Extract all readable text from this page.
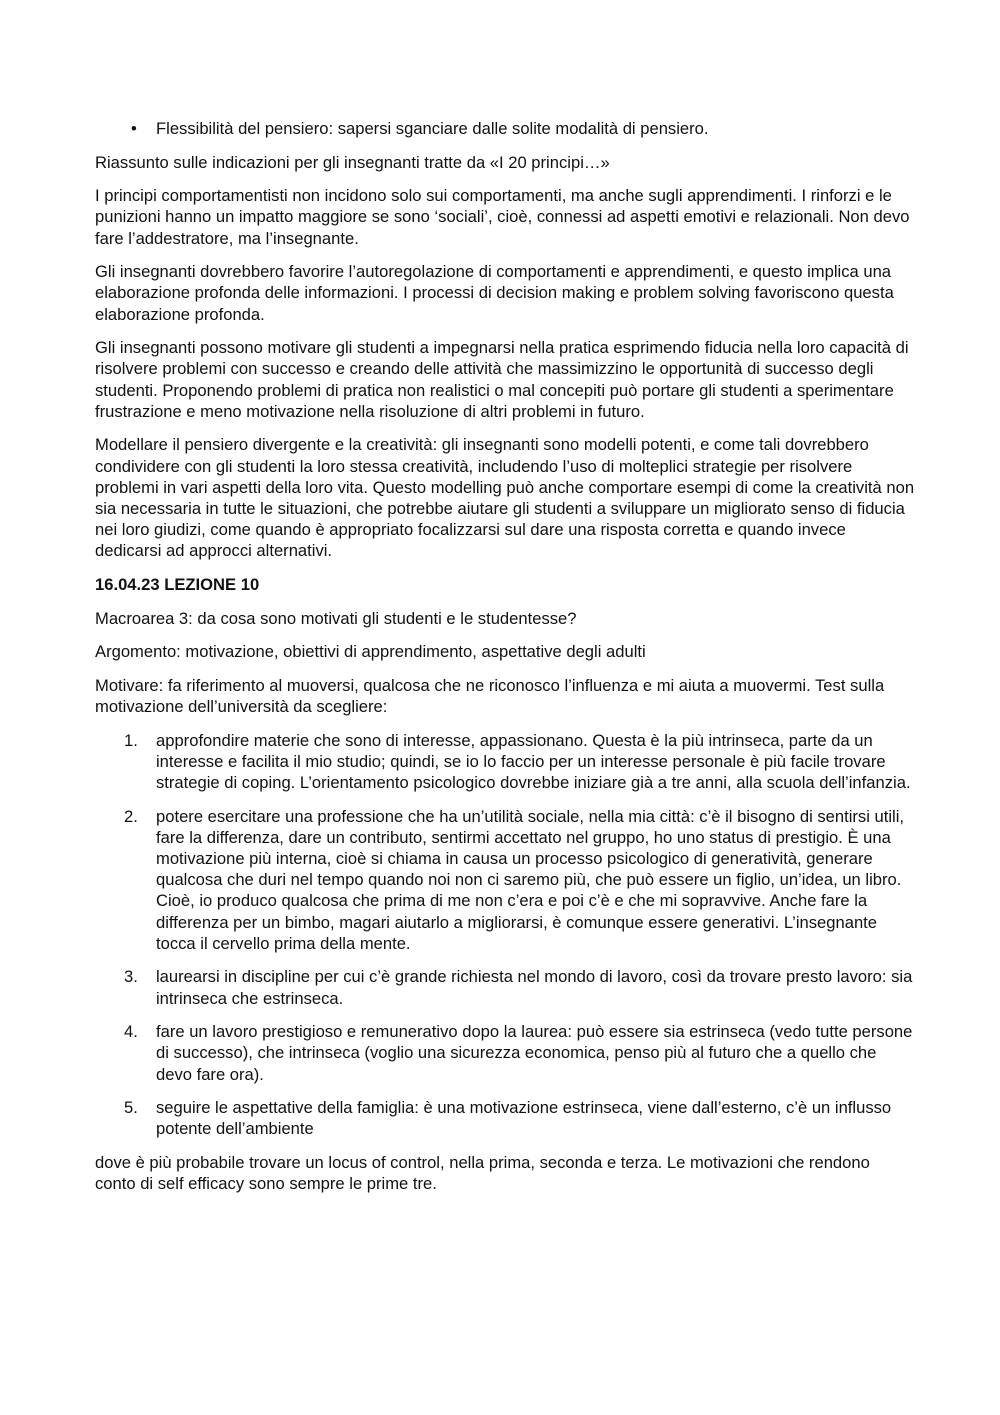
• Flessibilità del pensiero: sapersi sganciare dalle solite modalità di pensiero.

Riassunto sulle indicazioni per gli insegnanti tratte da «I 20 principi…»

I principi comportamentisti non incidono solo sui comportamenti, ma anche sugli apprendimenti. I rinforzi e le punizioni hanno un impatto maggiore se sono ‘sociali’, cioè, connessi ad aspetti emotivi e relazionali. Non devo fare l’addestratore, ma l’insegnante.

Gli insegnanti dovrebbero favorire l’autoregolazione di comportamenti e apprendimenti, e questo implica una elaborazione profonda delle informazioni. I processi di decision making e problem solving favoriscono questa elaborazione profonda.

Gli insegnanti possono motivare gli studenti a impegnarsi nella pratica esprimendo fiducia nella loro capacità di risolvere problemi con successo e creando delle attività che massimizzino le opportunità di successo degli studenti. Proponendo problemi di pratica non realistici o mal concepiti può portare gli studenti a sperimentare frustrazione e meno motivazione nella risoluzione di altri problemi in futuro.

Modellare il pensiero divergente e la creatività: gli insegnanti sono modelli potenti, e come tali dovrebbero condividere con gli studenti la loro stessa creatività, includendo l’uso di molteplici strategie per risolvere problemi in vari aspetti della loro vita. Questo modelling può anche comportare esempi di come la creatività non sia necessaria in tutte le situazioni, che potrebbe aiutare gli studenti a sviluppare un migliorato senso di fiducia nei loro giudizi, come quando è appropriato focalizzarsi sul dare una risposta corretta e quando invece dedicarsi ad approcci alternativi.

16.04.23 LEZIONE 10

Macroarea 3: da cosa sono motivati gli studenti e le studentesse?

Argomento: motivazione, obiettivi di apprendimento, aspettative degli adulti

Motivare: fa riferimento al muoversi, qualcosa che ne riconosco l’influenza e mi aiuta a muovermi. Test sulla motivazione dell’università da scegliere:

1. approfondire materie che sono di interesse, appassionano. Questa è la più intrinseca, parte da un interesse e facilita il mio studio; quindi, se io lo faccio per un interesse personale è più facile trovare strategie di coping. L’orientamento psicologico dovrebbe iniziare già a tre anni, alla scuola dell’infanzia.
2. potere esercitare una professione che ha un’utilità sociale, nella mia città: c’è il bisogno di sentirsi utili, fare la differenza, dare un contributo, sentirmi accettato nel gruppo, ho uno status di prestigio. È una motivazione più interna, cioè si chiama in causa un processo psicologico di generatività, generare qualcosa che duri nel tempo quando noi non ci saremo più, che può essere un figlio, un’idea, un libro. Cioè, io produco qualcosa che prima di me non c’era e poi c’è e che mi sopravvive. Anche fare la differenza per un bimbo, magari aiutarlo a migliorarsi, è comunque essere generativi. L’insegnante tocca il cervello prima della mente.
3. laurearsi in discipline per cui c’è grande richiesta nel mondo di lavoro, così da trovare presto lavoro: sia intrinseca che estrinseca.
4. fare un lavoro prestigioso e remunerativo dopo la laurea: può essere sia estrinseca (vedo tutte persone di successo), che intrinseca (voglio una sicurezza economica, penso più al futuro che a quello che devo fare ora).
5. seguire le aspettative della famiglia: è una motivazione estrinseca, viene dall’esterno, c’è un influsso potente dell’ambiente

dove è più probabile trovare un locus of control, nella prima, seconda e terza. Le motivazioni che rendono conto di self efficacy sono sempre le prime tre.
